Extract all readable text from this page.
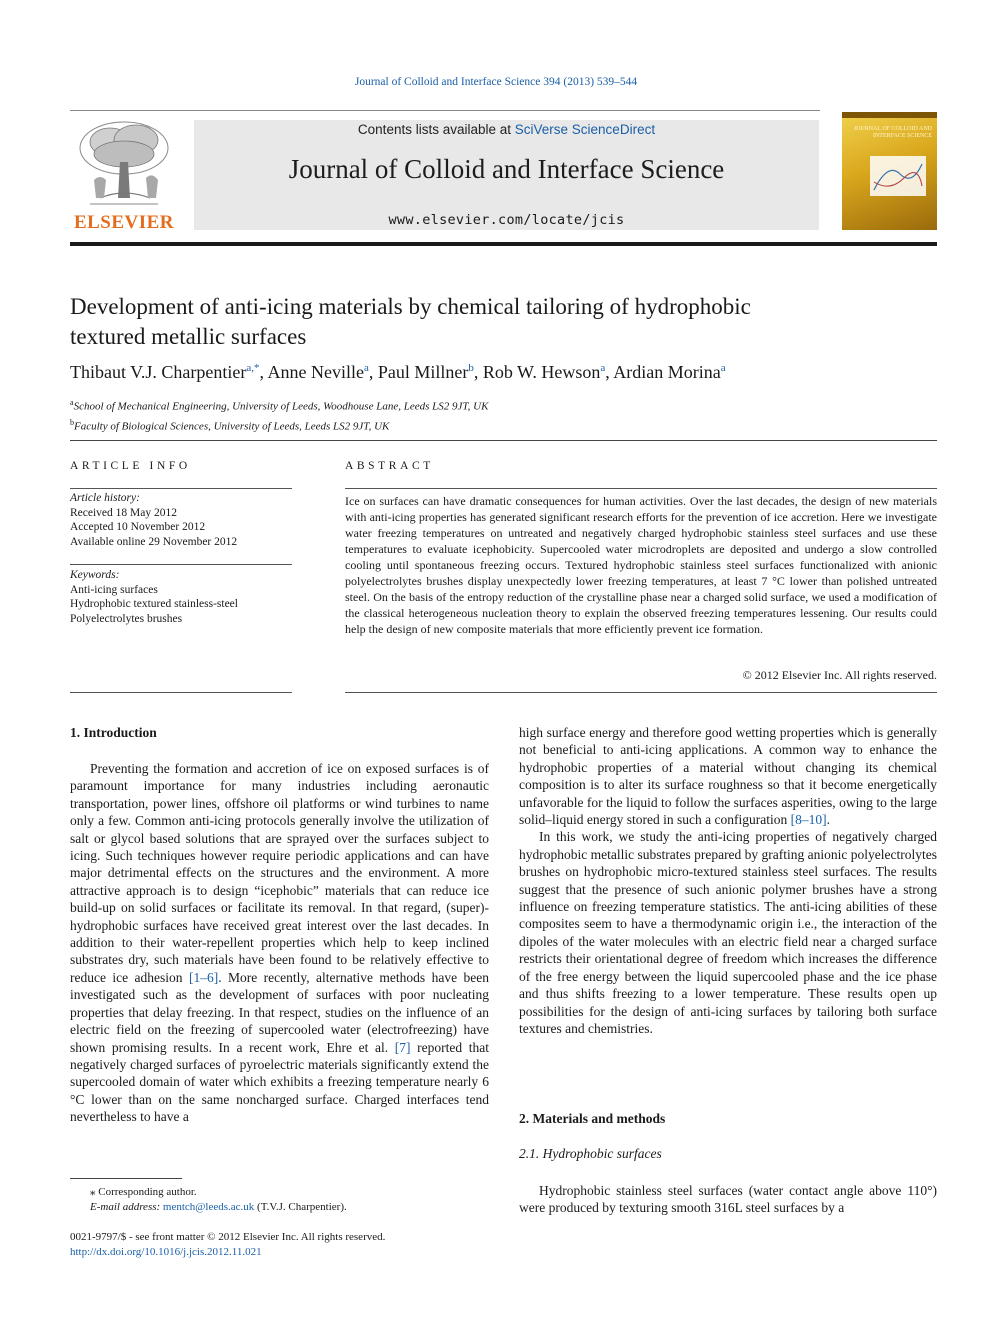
Journal of Colloid and Interface Science 394 (2013) 539–544
ELSEVIER
Contents lists available at SciVerse ScienceDirect
Journal of Colloid and Interface Science
www.elsevier.com/locate/jcis
JOURNAL OF COLLOID AND INTERFACE SCIENCE
Development of anti-icing materials by chemical tailoring of hydrophobic
textured metallic surfaces
Thibaut V.J. Charpentier$^{a,*}$, Anne Neville$^a$, Paul Millner$^b$, Rob W. Hewson$^a$, Ardian Morina$^a$
$^a$School of Mechanical Engineering, University of Leeds, Woodhouse Lane, Leeds LS2 9JT, UK
$^b$Faculty of Biological Sciences, University of Leeds, Leeds LS2 9JT, UK
ARTICLE INFO	ABSTRACT
Article history:
Received 18 May 2012
Accepted 10 November 2012
Available online 29 November 2012
Keywords:
Anti-icing surfaces
Hydrophobic textured stainless-steel
Polyelectrolytes brushes
Ice on surfaces can have dramatic consequences for human activities. Over the last decades, the design of new materials with anti-icing properties has generated significant research efforts for the prevention of ice accretion. Here we investigate water freezing temperatures on untreated and negatively charged hydrophobic stainless steel surfaces and use these temperatures to evaluate icephobicity. Supercooled water microdroplets are deposited and undergo a slow controlled cooling until spontaneous freezing occurs. Textured hydrophobic stainless steel surfaces functionalized with anionic polyelectrolytes brushes display unexpectedly lower freezing temperatures, at least 7 °C lower than polished untreated steel. On the basis of the entropy reduction of the crystalline phase near a charged solid surface, we used a modification of the classical heterogeneous nucleation theory to explain the observed freezing temperatures lessening. Our results could help the design of new composite materials that more efficiently prevent ice formation.
© 2012 Elsevier Inc. All rights reserved.
1. Introduction

Preventing the formation and accretion of ice on exposed surfaces is of paramount importance for many industries including aeronautic transportation, power lines, offshore oil platforms or wind turbines to name only a few. Common anti-icing protocols generally involve the utilization of salt or glycol based solutions that are sprayed over the surfaces subject to icing. Such techniques however require periodic applications and can have major detrimental effects on the structures and the environment. A more attractive approach is to design “icephobic” materials that can reduce ice build-up on solid surfaces or facilitate its removal. In that regard, (super)-hydrophobic surfaces have received great interest over the last decades. In addition to their water-repellent properties which help to keep inclined substrates dry, such materials have been found to be relatively effective to reduce ice adhesion [1–6]. More recently, alternative methods have been investigated such as the development of surfaces with poor nucleating properties that delay freezing. In that respect, studies on the influence of an electric field on the freezing of supercooled water (electrofreezing) have shown promising results. In a recent work, Ehre et al. [7] reported that negatively charged surfaces of pyroelectric materials significantly extend the supercooled domain of water which exhibits a freezing temperature nearly 6 °C lower than on the same noncharged surface. Charged interfaces tend nevertheless to have a

high surface energy and therefore good wetting properties which is generally not beneficial to anti-icing applications. A common way to enhance the hydrophobic properties of a material without changing its chemical composition is to alter its surface roughness so that it become energetically unfavorable for the liquid to follow the surfaces asperities, owing to the large solid–liquid energy stored in such a configuration [8–10].

In this work, we study the anti-icing properties of negatively charged hydrophobic metallic substrates prepared by grafting anionic polyelectrolytes brushes on hydrophobic micro-textured stainless steel surfaces. The results suggest that the presence of such anionic polymer brushes have a strong influence on freezing temperature statistics. The anti-icing abilities of these composites seem to have a thermodynamic origin i.e., the interaction of the dipoles of the water molecules with an electric field near a charged surface restricts their orientational degree of freedom which increases the difference of the free energy between the liquid supercooled phase and the ice phase and thus shifts freezing to a lower temperature. These results open up possibilities for the design of anti-icing surfaces by tailoring both surface textures and chemistries.

2. Materials and methods
2.1. Hydrophobic surfaces

Hydrophobic stainless steel surfaces (water contact angle above 110°) were produced by texturing smooth 316L steel surfaces by a

⁎ Corresponding author.
E-mail address: mentch@leeds.ac.uk (T.V.J. Charpentier).
0021-9797/$ - see front matter © 2012 Elsevier Inc. All rights reserved.
http://dx.doi.org/10.1016/j.jcis.2012.11.021
